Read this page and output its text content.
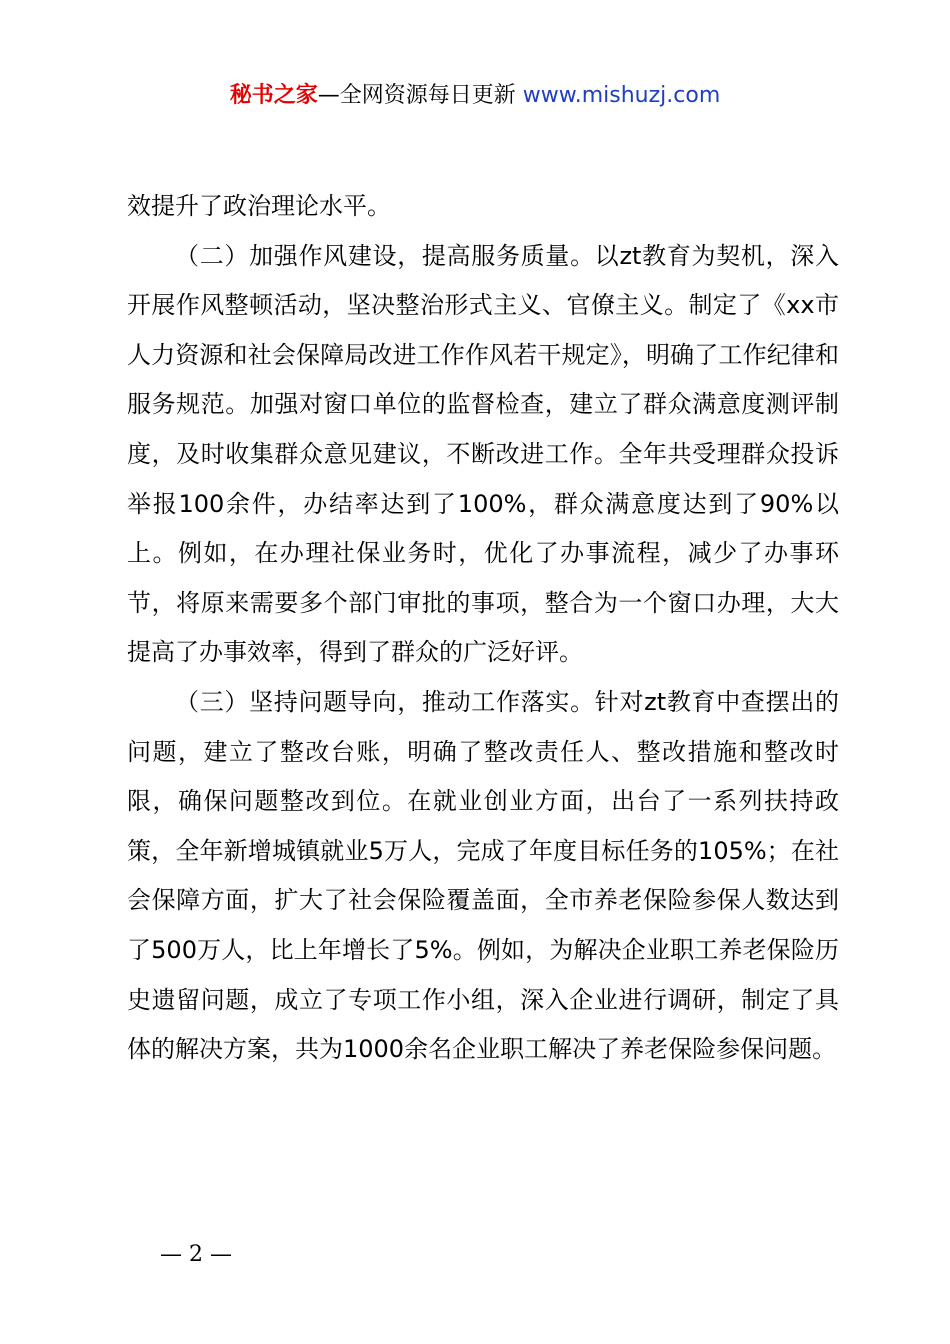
秘书之家—全网资源每日更新 www.mishuzj.com

效提升了政治理论水平。

（二）加强作风建设，提高服务质量。以zt教育为契机，深入开展作风整顿活动，坚决整治形式主义、官僚主义。制定了《xx市人力资源和社会保障局改进工作作风若干规定》，明确了工作纪律和服务规范。加强对窗口单位的监督检查，建立了群众满意度测评制度，及时收集群众意见建议，不断改进工作。全年共受理群众投诉举报100余件，办结率达到了100%，群众满意度达到了90%以上。例如，在办理社保业务时，优化了办事流程，减少了办事环节，将原来需要多个部门审批的事项，整合为一个窗口办理，大大提高了办事效率，得到了群众的广泛好评。

（三）坚持问题导向，推动工作落实。针对zt教育中查摆出的问题，建立了整改台账，明确了整改责任人、整改措施和整改时限，确保问题整改到位。在就业创业方面，出台了一系列扶持政策，全年新增城镇就业5万人，完成了年度目标任务的105%；在社会保障方面，扩大了社会保险覆盖面，全市养老保险参保人数达到了500万人，比上年增长了5%。例如，为解决企业职工养老保险历史遗留问题，成立了专项工作小组，深入企业进行调研，制定了具体的解决方案，共为1000余名企业职工解决了养老保险参保问题。

— 2 —
